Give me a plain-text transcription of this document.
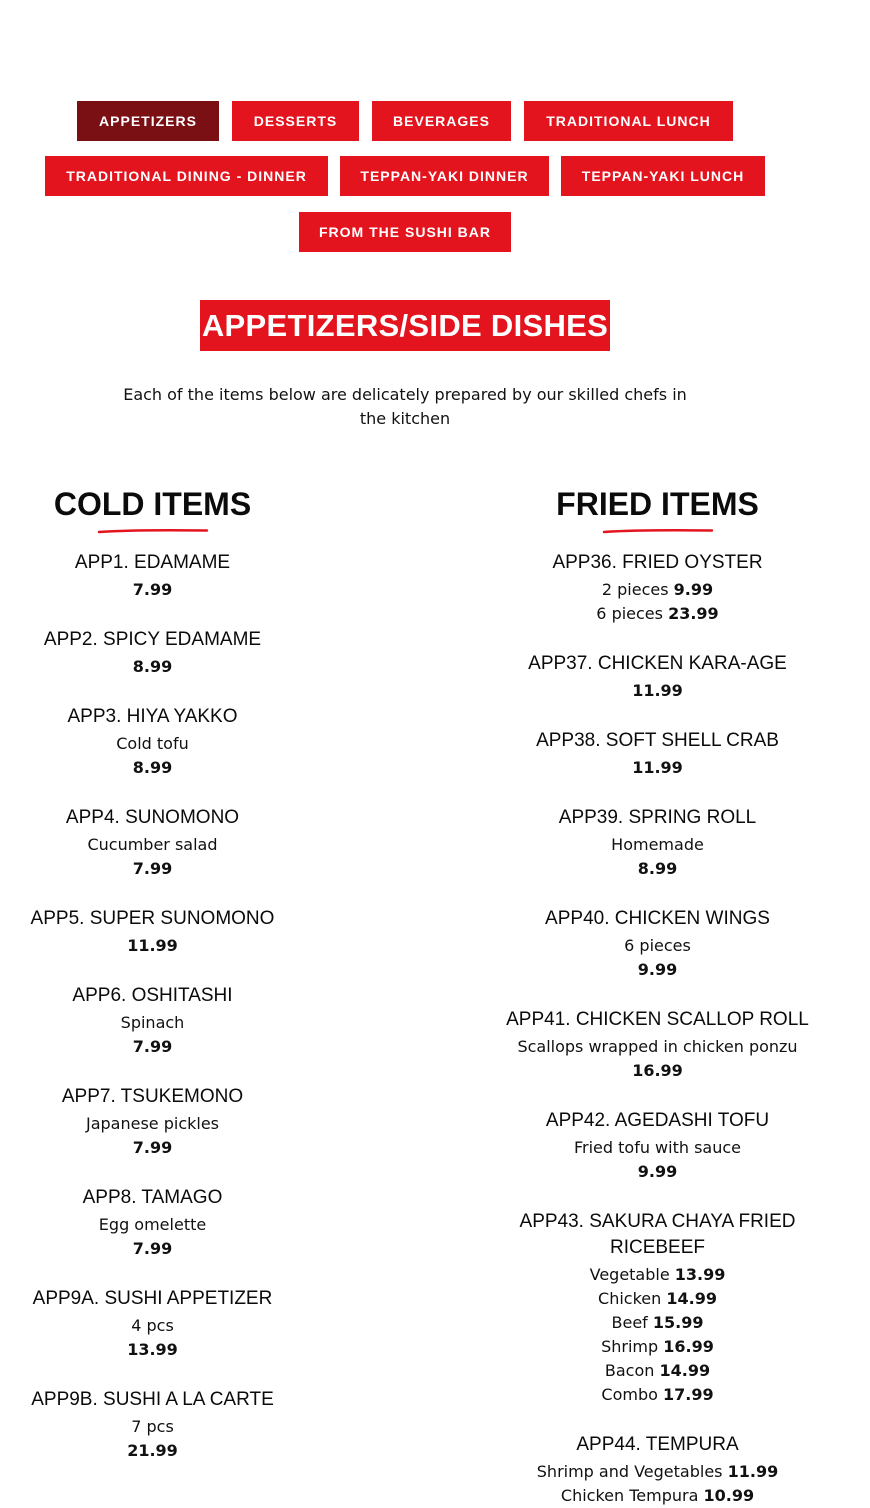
APPETIZERS	DESSERTS	BEVERAGES	TRADITIONAL LUNCH
TRADITIONAL DINING - DINNER	TEPPAN-YAKI DINNER	TEPPAN-YAKI LUNCH
FROM THE SUSHI BAR
APPETIZERS/SIDE DISHES
Each of the items below are delicately prepared by our skilled chefs in the kitchen
COLD ITEMS
APP1. EDAMAME
7.99
APP2. SPICY EDAMAME
8.99
APP3. HIYA YAKKO
Cold tofu
8.99
APP4. SUNOMONO
Cucumber salad
7.99
APP5. SUPER SUNOMONO
11.99
APP6. OSHITASHI
Spinach
7.99
APP7. TSUKEMONO
Japanese pickles
7.99
APP8. TAMAGO
Egg omelette
7.99
APP9A. SUSHI APPETIZER
4 pcs
13.99
APP9B. SUSHI A LA CARTE
7 pcs
21.99
FRIED ITEMS
APP36. FRIED OYSTER
2 pieces 9.99
6 pieces 23.99
APP37. CHICKEN KARA-AGE
11.99
APP38. SOFT SHELL CRAB
11.99
APP39. SPRING ROLL
Homemade
8.99
APP40. CHICKEN WINGS
6 pieces
9.99
APP41. CHICKEN SCALLOP ROLL
Scallops wrapped in chicken ponzu
16.99
APP42. AGEDASHI TOFU
Fried tofu with sauce
9.99
APP43. SAKURA CHAYA FRIED RICEBEEF
Vegetable 13.99
Chicken 14.99
Beef 15.99
Shrimp 16.99
Bacon 14.99
Combo 17.99
APP44. TEMPURA
Shrimp and Vegetables 11.99
Chicken Tempura 10.99
